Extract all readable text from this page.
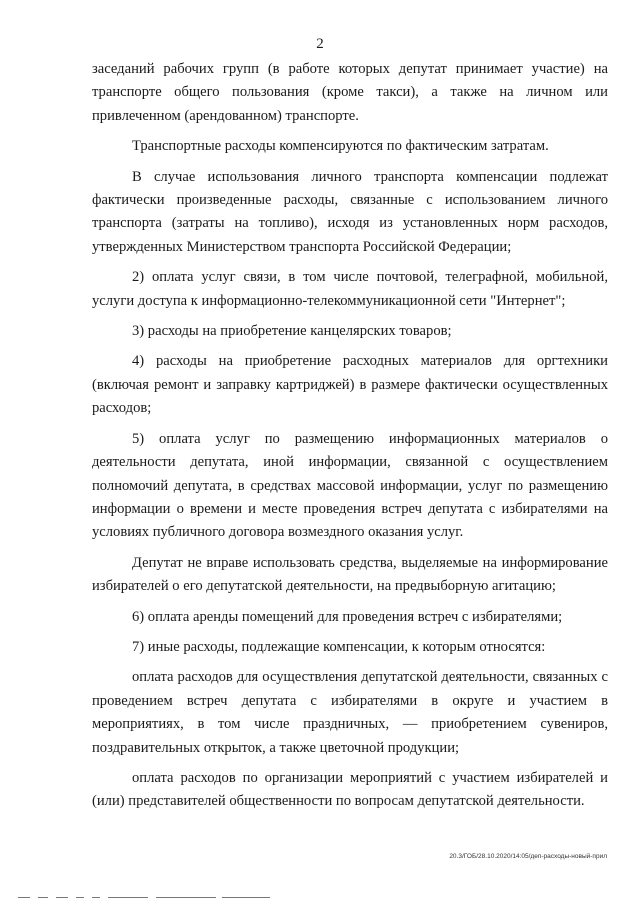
2

заседаний рабочих групп (в работе которых депутат принимает участие) на транспорте общего пользования (кроме такси), а также на личном или привлеченном (арендованном) транспорте.

Транспортные расходы компенсируются по фактическим затратам.

В случае использования личного транспорта компенсации подлежат фактически произведенные расходы, связанные с использованием личного транспорта (затраты на топливо), исходя из установленных норм расходов, утвержденных Министерством транспорта Российской Федерации;

2) оплата услуг связи, в том числе почтовой, телеграфной, мобильной, услуги доступа к информационно-телекоммуникационной сети "Интернет";

3) расходы на приобретение канцелярских товаров;

4) расходы на приобретение расходных материалов для оргтехники (включая ремонт и заправку картриджей) в размере фактически осуществленных расходов;

5) оплата услуг по размещению информационных материалов о деятельности депутата, иной информации, связанной с осуществлением полномочий депутата, в средствах массовой информации, услуг по размещению информации о времени и месте проведения встреч депутата с избирателями на условиях публичного договора возмездного оказания услуг.

Депутат не вправе использовать средства, выделяемые на информирование избирателей о его депутатской деятельности, на предвыборную агитацию;

6) оплата аренды помещений для проведения встреч с избирателями;

7) иные расходы, подлежащие компенсации, к которым относятся:

оплата расходов для осуществления депутатской деятельности, связанных с проведением встреч депутата с избирателями в округе и участием в мероприятиях, в том числе праздничных, — приобретением сувениров, поздравительных открыток, а также цветочной продукции;

оплата расходов по организации мероприятий с участием избирателей и (или) представителей общественности по вопросам депутатской деятельности.

20.3/ГОБ/28.10.2020/14:05/деп-расходы-новый-прил
